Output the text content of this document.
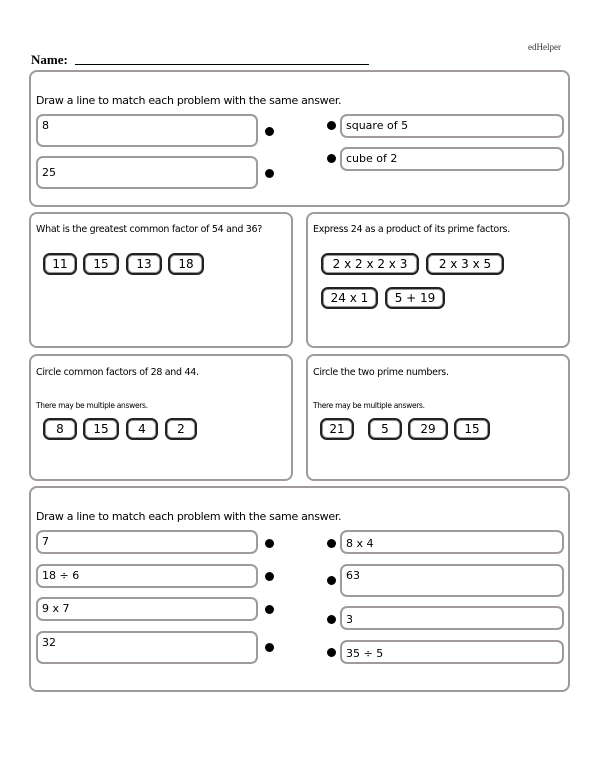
edHelper
Name:
Draw a line to match each problem with the same answer.
8
25
square of 5
cube of 2
What is the greatest common factor of 54 and 36?
11	15	13	18
Express 24 as a product of its prime factors.
2 x 2 x 2 x 3	2 x 3 x 5
24 x 1	5 + 19
Circle common factors of 28 and 44.
There may be multiple answers.
8	15	4	2
Circle the two prime numbers.
There may be multiple answers.
21	5	29	15
Draw a line to match each problem with the same answer.
7
18 ÷ 6
9 x 7
32
8 x 4
63
3
35 ÷ 5
